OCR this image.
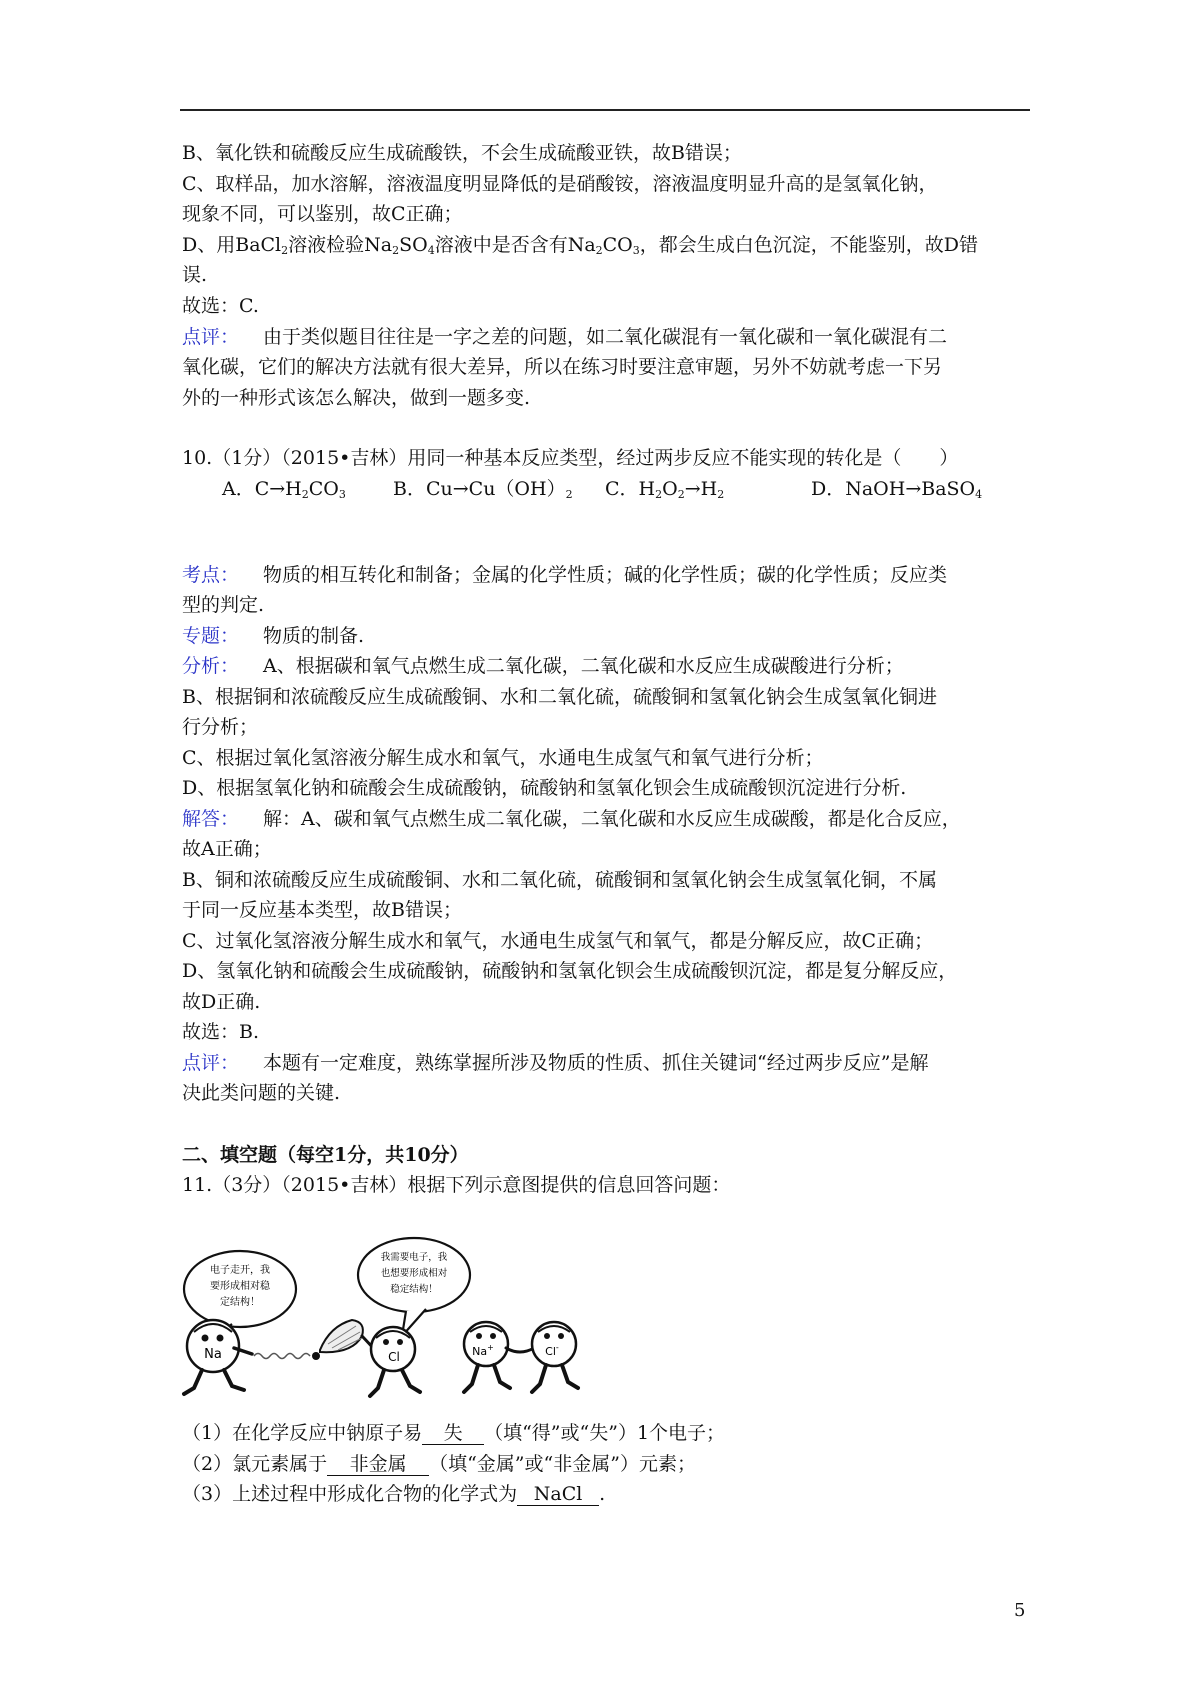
B、氧化铁和硫酸反应生成硫酸铁，不会生成硫酸亚铁，故B错误；
C、取样品，加水溶解，溶液温度明显降低的是硝酸铵，溶液温度明显升高的是氢氧化钠，
现象不同，可以鉴别，故C正确；
D、用BaCl$_2$溶液检验$Na_2SO_4$溶液中是否含有$Na_2CO_3$，都会生成白色沉淀，不能鉴别，故D错
误.
故选：C.
点评： 由于类似题目往往是一字之差的问题，如二氧化碳混有一氧化碳和一氧化碳混有二
氧化碳，它们的解决方法就有很大差异，所以在练习时要注意审题，另外不妨就考虑一下另
外的一种形式该怎么解决，做到一题多变.
10.（1分）（2015•吉林）用同一种基本反应类型，经过两步反应不能实现的转化是（　　）
A．$C\to H_2CO_3$ B．$Cu\to Cu(OH)_2$ C．$H_2O_2\to H_2$	D．NaOH→BaSO$_4$
考点： 物质的相互转化和制备；金属的化学性质；碱的化学性质；碳的化学性质；反应类
型的判定.
专题： 物质的制备.
分析： A、根据碳和氧气点燃生成二氧化碳，二氧化碳和水反应生成碳酸进行分析；
B、根据铜和浓硫酸反应生成硫酸铜、水和二氧化硫，硫酸铜和氢氧化钠会生成氢氧化铜进
行分析；
C、根据过氧化氢溶液分解生成水和氧气，水通电生成氢气和氧气进行分析；
D、根据氢氧化钠和硫酸会生成硫酸钠，硫酸钠和氢氧化钡会生成硫酸钡沉淀进行分析.
解答： 解：A、碳和氧气点燃生成二氧化碳，二氧化碳和水反应生成碳酸，都是化合反应，
故A正确；
B、铜和浓硫酸反应生成硫酸铜、水和二氧化硫，硫酸铜和氢氧化钠会生成氢氧化铜，不属
于同一反应基本类型，故B错误；
C、过氧化氢溶液分解生成水和氧气，水通电生成氢气和氧气，都是分解反应，故C正确；
D、氢氧化钠和硫酸会生成硫酸钠，硫酸钠和氢氧化钡会生成硫酸钡沉淀，都是复分解反应，
故D正确.
故选：B.
点评： 本题有一定难度，熟练掌握所涉及物质的性质、抓住关键词“经过两步反应”是解
决此类问题的关键.
二、填空题（每空1分，共10分）
11.（3分）（2015•吉林）根据下列示意图提供的信息回答问题：
电子走开，我
要形成相对稳
定结构！
我需要电子，我
也想要形成相对
稳定结构！
Na	Cl	Na+	Cl-
（1）在化学反应中钠原子易 失 （填“得”或“失”）1个电子；
（2）氯元素属于 非金属 （填“金属”或“非金属”）元素；
（3）上述过程中形成化合物的化学式为 NaCl .
5
